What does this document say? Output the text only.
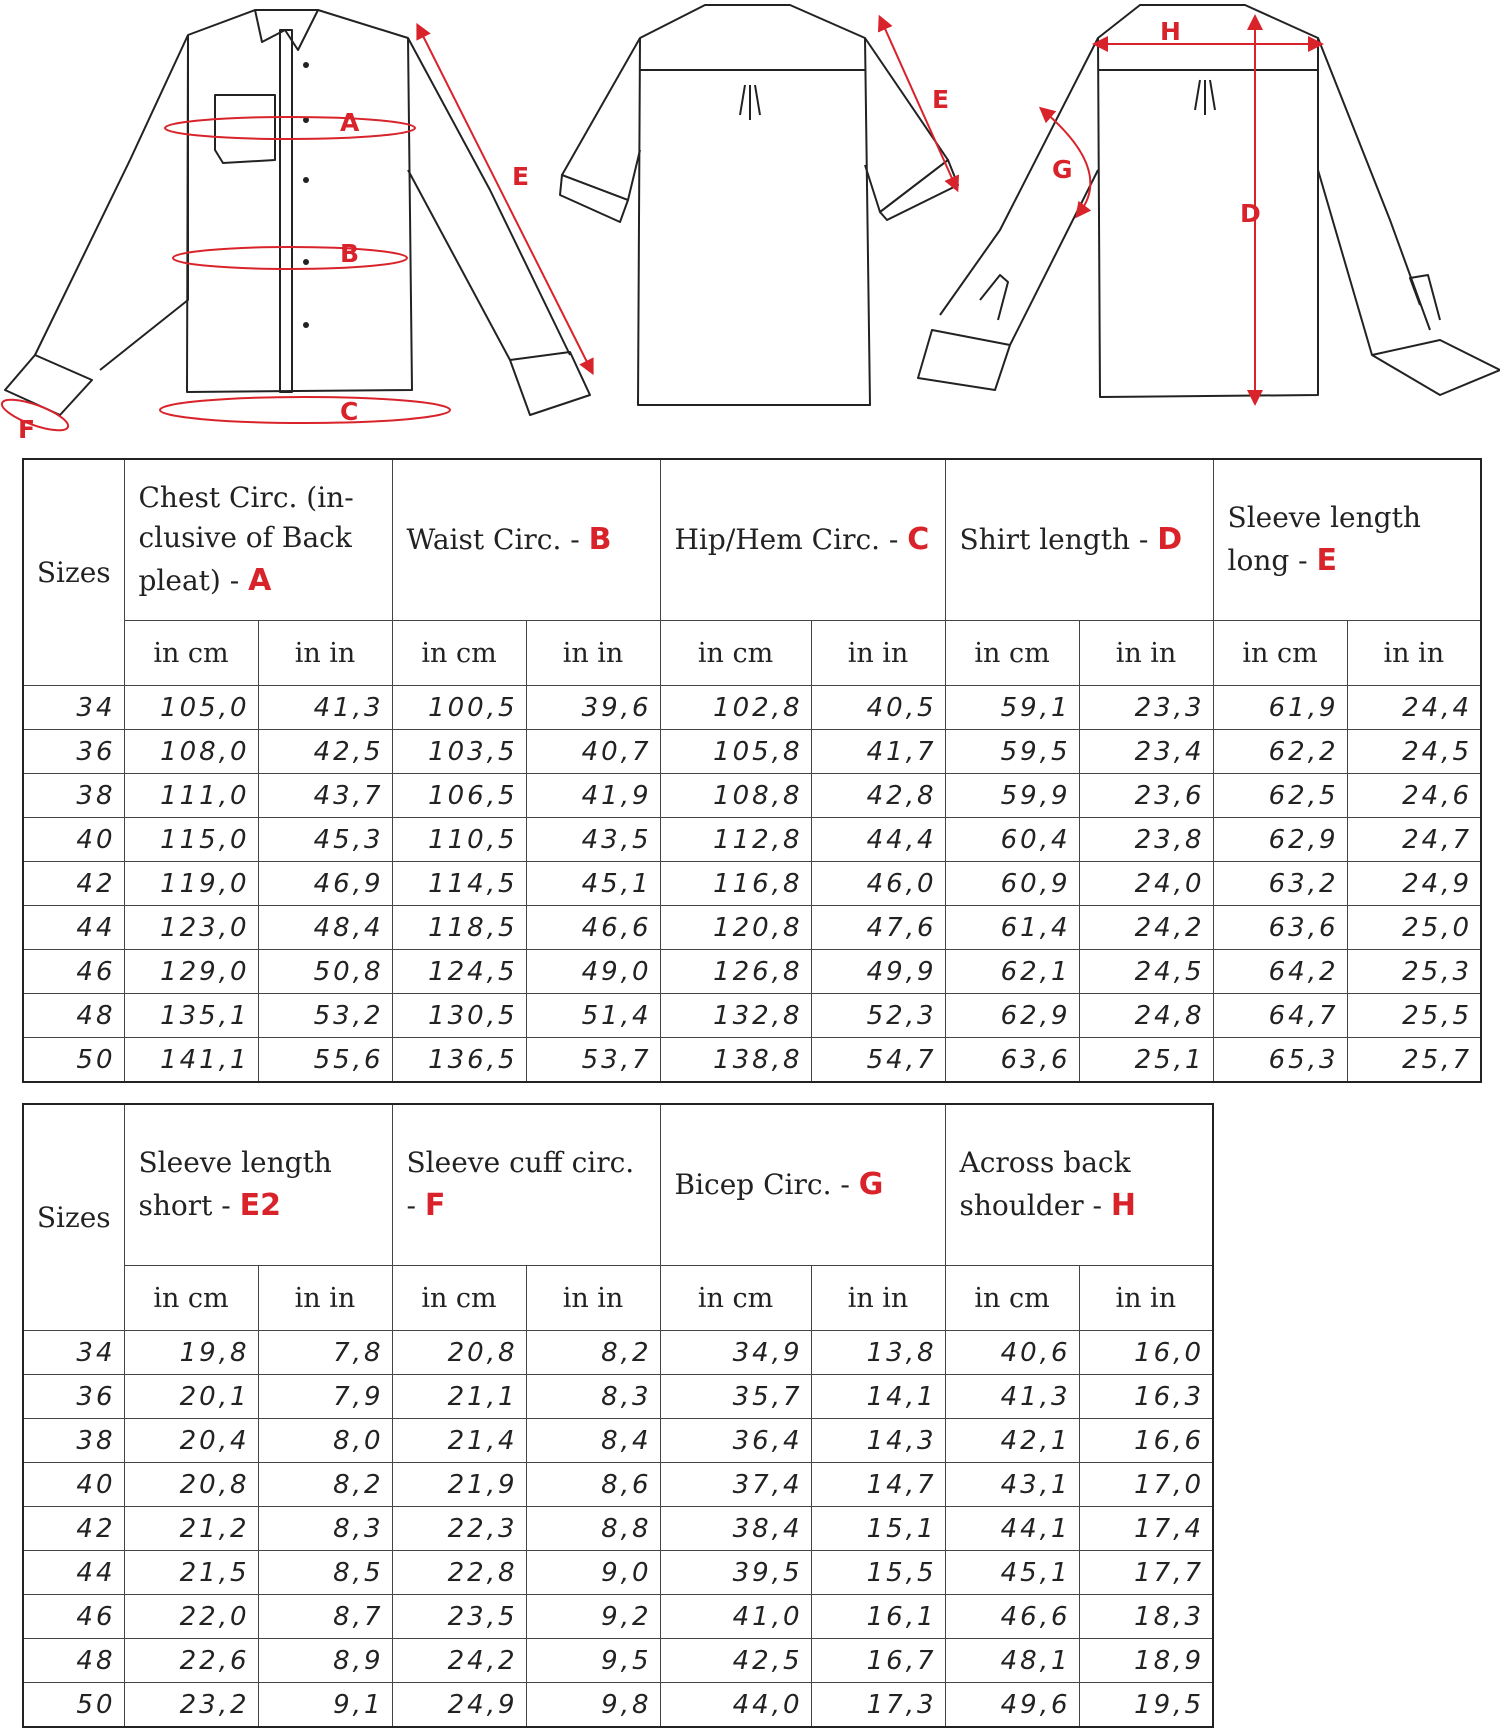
A
B
C
E
E
F
G
D
H
Sizes	Chest Circ. (in-clusive of Back pleat) - A		Waist Circ. - B		Hip/Hem Circ. - C		Shirt length - D		Sleeve length long - E	
	in cm	in in	in cm	in in	in cm	in in	in cm	in in	in cm	in in
34	105,0	41,3	100,5	39,6	102,8	40,5	59,1	23,3	61,9	24,4
36	108,0	42,5	103,5	40,7	105,8	41,7	59,5	23,4	62,2	24,5
38	111,0	43,7	106,5	41,9	108,8	42,8	59,9	23,6	62,5	24,6
40	115,0	45,3	110,5	43,5	112,8	44,4	60,4	23,8	62,9	24,7
42	119,0	46,9	114,5	45,1	116,8	46,0	60,9	24,0	63,2	24,9
44	123,0	48,4	118,5	46,6	120,8	47,6	61,4	24,2	63,6	25,0
46	129,0	50,8	124,5	49,0	126,8	49,9	62,1	24,5	64,2	25,3
48	135,1	53,2	130,5	51,4	132,8	52,3	62,9	24,8	64,7	25,5
50	141,1	55,6	136,5	53,7	138,8	54,7	63,6	25,1	65,3	25,7
Sizes	Sleeve length short - E2		Sleeve cuff circ. - F		Bicep Circ. - G		Across back shoulder - H	
	in cm	in in	in cm	in in	in cm	in in	in cm	in in
34	19,8	7,8	20,8	8,2	34,9	13,8	40,6	16,0
36	20,1	7,9	21,1	8,3	35,7	14,1	41,3	16,3
38	20,4	8,0	21,4	8,4	36,4	14,3	42,1	16,6
40	20,8	8,2	21,9	8,6	37,4	14,7	43,1	17,0
42	21,2	8,3	22,3	8,8	38,4	15,1	44,1	17,4
44	21,5	8,5	22,8	9,0	39,5	15,5	45,1	17,7
46	22,0	8,7	23,5	9,2	41,0	16,1	46,6	18,3
48	22,6	8,9	24,2	9,5	42,5	16,7	48,1	18,9
50	23,2	9,1	24,9	9,8	44,0	17,3	49,6	19,5
